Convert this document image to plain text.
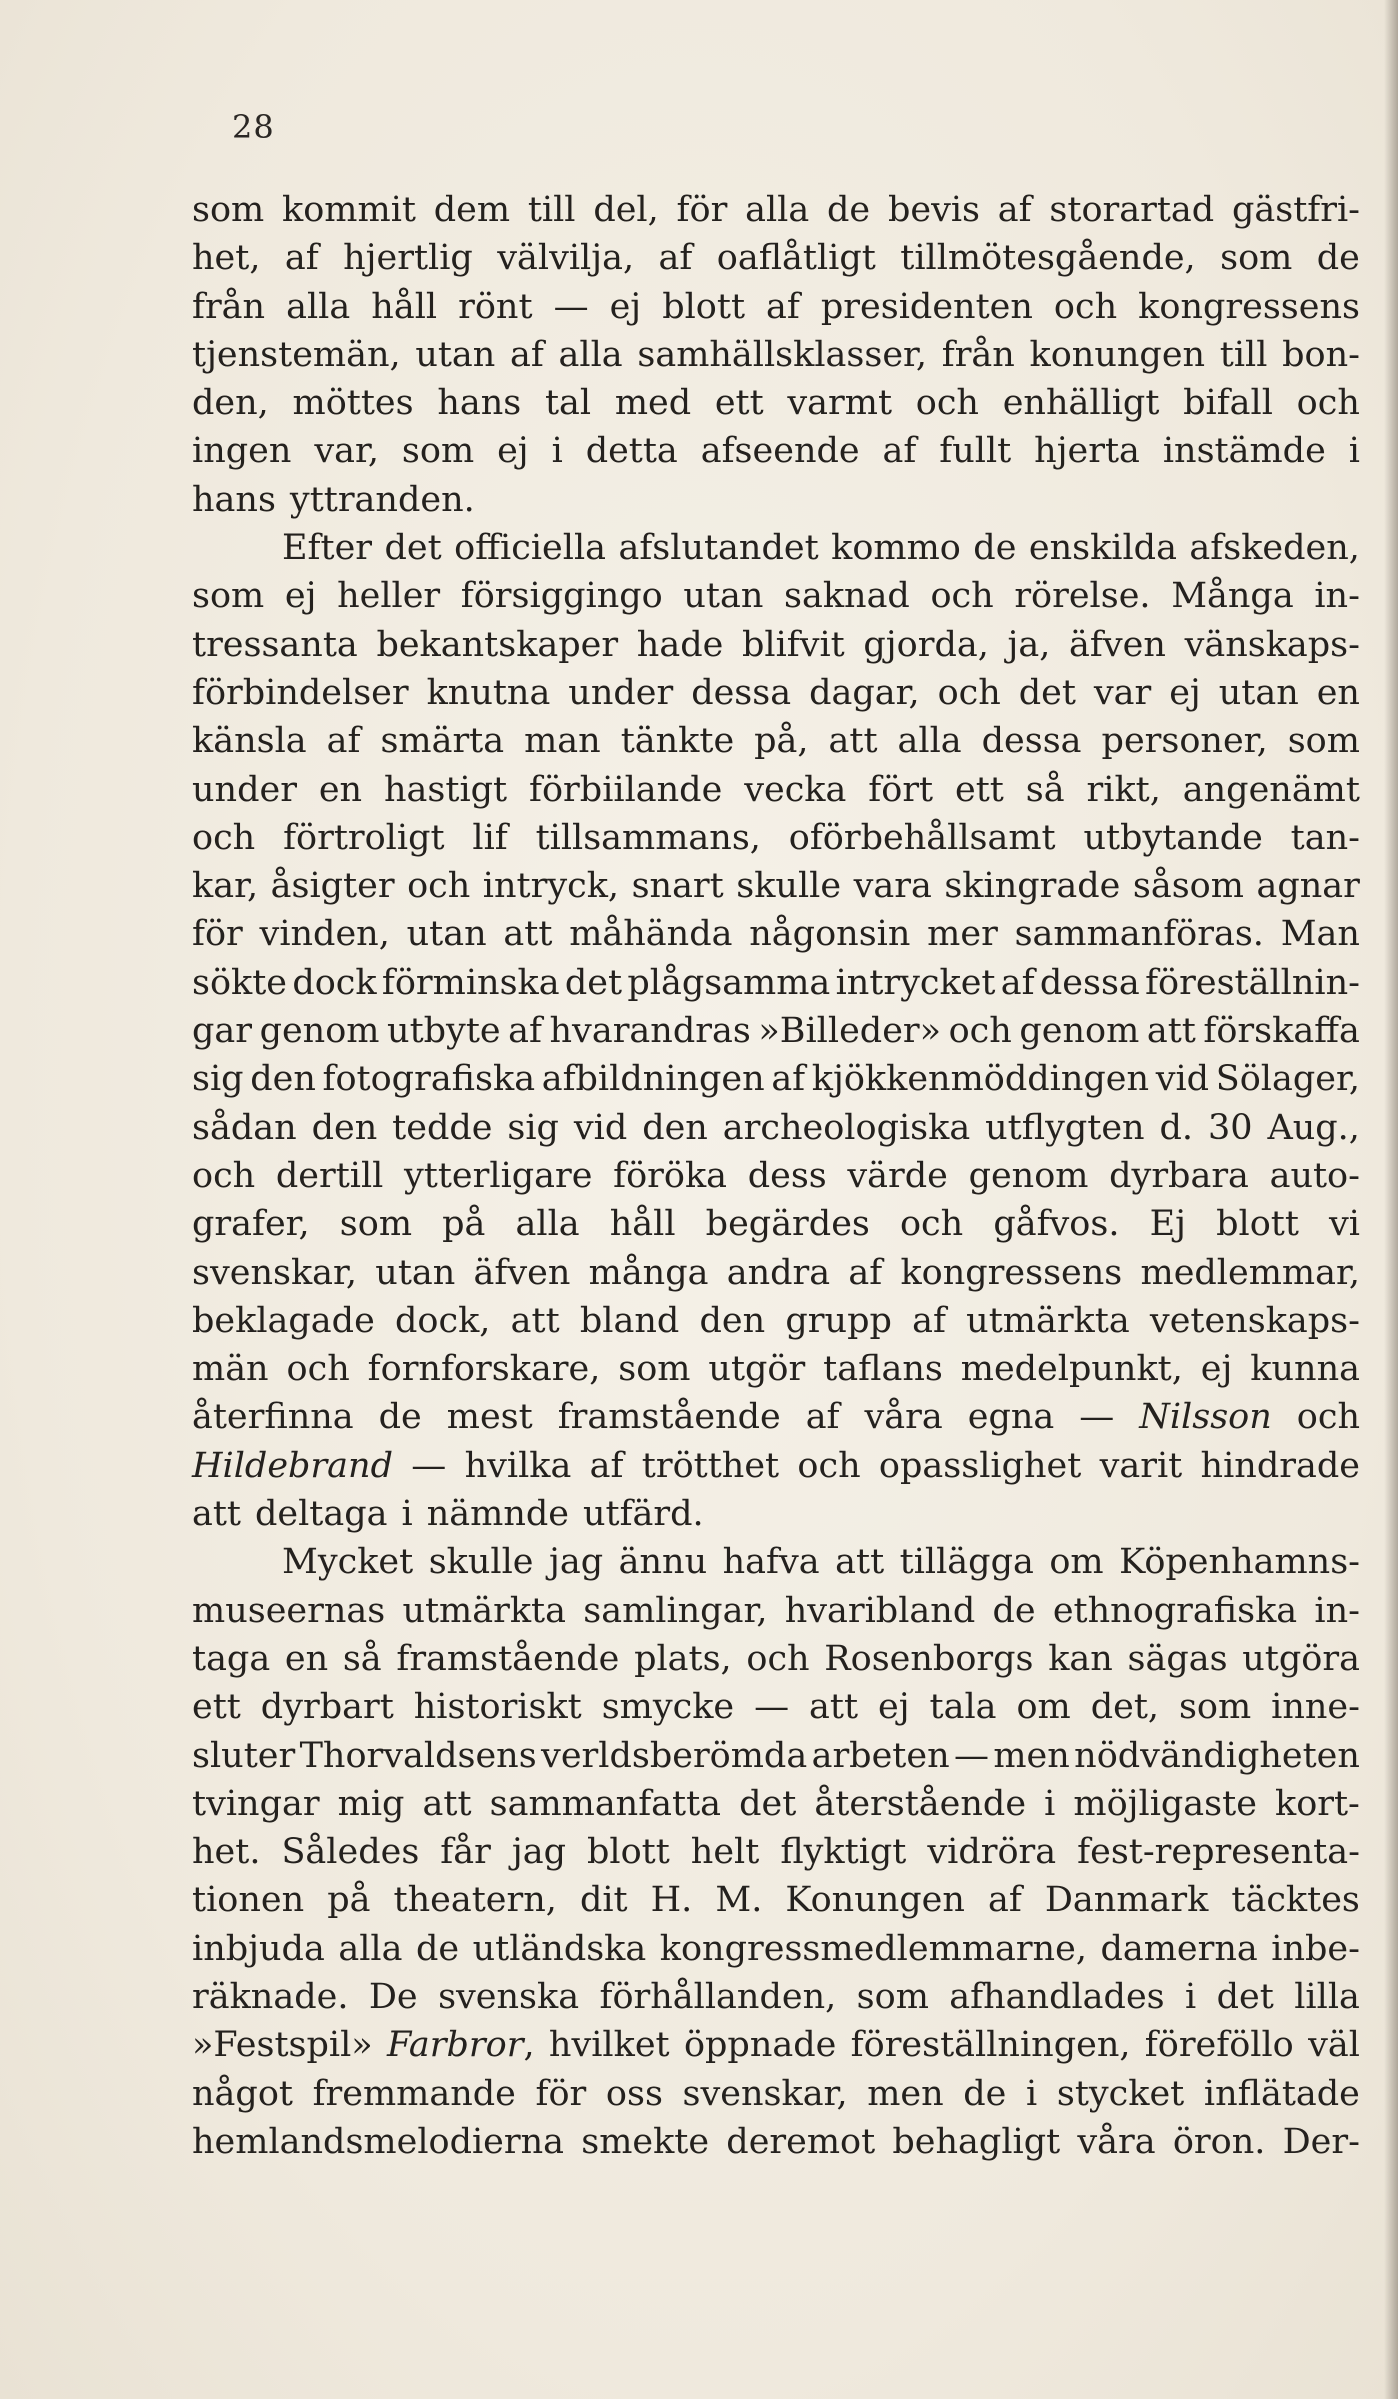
28
som kommit dem till del, för alla de bevis af storartad gästfri-
het, af hjertlig välvilja, af oaflåtligt tillmötesgående, som de
från alla håll rönt — ej blott af presidenten och kongressens
tjenstemän, utan af alla samhällsklasser, från konungen till bon-
den, möttes hans tal med ett varmt och enhälligt bifall och
ingen var, som ej i detta afseende af fullt hjerta instämde i
hans yttranden.
Efter det officiella afslutandet kommo de enskilda afskeden,
som ej heller försiggingo utan saknad och rörelse. Många in-
tressanta bekantskaper hade blifvit gjorda, ja, äfven vänskaps-
förbindelser knutna under dessa dagar, och det var ej utan en
känsla af smärta man tänkte på, att alla dessa personer, som
under en hastigt förbiilande vecka fört ett så rikt, angenämt
och förtroligt lif tillsammans, oförbehållsamt utbytande tan-
kar, åsigter och intryck, snart skulle vara skingrade såsom agnar
för vinden, utan att måhända någonsin mer sammanföras. Man
sökte dock förminska det plågsamma intrycket af dessa föreställnin-
gar genom utbyte af hvarandras »Billeder» och genom att förskaffa
sig den fotografiska afbildningen af kjökkenmöddingen vid Sölager,
sådan den tedde sig vid den archeologiska utflygten d. 30 Aug.,
och dertill ytterligare föröka dess värde genom dyrbara auto-
grafer, som på alla håll begärdes och gåfvos. Ej blott vi
svenskar, utan äfven många andra af kongressens medlemmar,
beklagade dock, att bland den grupp af utmärkta vetenskaps-
män och fornforskare, som utgör taflans medelpunkt, ej kunna
återfinna de mest framstående af våra egna — Nilsson och
Hildebrand — hvilka af trötthet och opasslighet varit hindrade
att deltaga i nämnde utfärd.
Mycket skulle jag ännu hafva att tillägga om Köpenhamns-
museernas utmärkta samlingar, hvaribland de ethnografiska in-
taga en så framstående plats, och Rosenborgs kan sägas utgöra
ett dyrbart historiskt smycke — att ej tala om det, som inne-
sluter Thorvaldsens verldsberömda arbeten — men nödvändigheten
tvingar mig att sammanfatta det återstående i möjligaste kort-
het. Således får jag blott helt flyktigt vidröra fest-representa-
tionen på theatern, dit H. M. Konungen af Danmark täcktes
inbjuda alla de utländska kongressmedlemmarne, damerna inbe-
räknade. De svenska förhållanden, som afhandlades i det lilla
»Festspil» Farbror, hvilket öppnade föreställningen, föreföllo väl
något fremmande för oss svenskar, men de i stycket inflätade
hemlandsmelodierna smekte deremot behagligt våra öron. Der-
